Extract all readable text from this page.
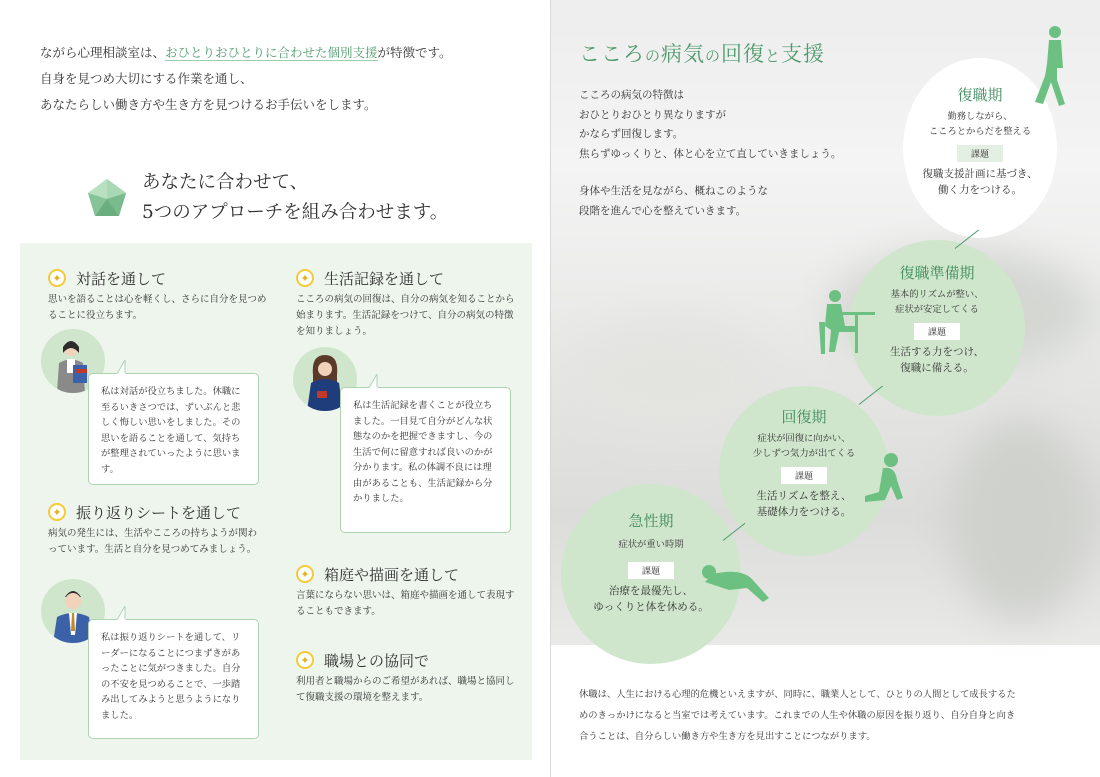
ながら心理相談室は、おひとりおひとりに合わせた個別支援が特徴です。
自身を見つめ大切にする作業を通し、
あなたらしい働き方や生き方を見つけるお手伝いをします。
あなたに合わせて、
5つのアプローチを組み合わせます。
✦ 対話を通して
思いを語ることは心を軽くし、さらに自分を見つめることに役立ちます。
私は対話が役立ちました。休職に至るいきさつでは、ずいぶんと悲しく悔しい思いをしました。その思いを語ることを通して、気持ちが整理されていったように思います。
✦ 生活記録を通して
こころの病気の回復は、自分の病気を知ることから始まります。生活記録をつけて、自分の病気の特徴を知りましょう。
私は生活記録を書くことが役立ちました。一目見て自分がどんな状態なのかを把握できますし、今の生活で何に留意すれば良いのかが分かります。私の体調不良には理由があることも、生活記録から分かりました。
✦ 振り返りシートを通して
病気の発生には、生活やこころの持ちようが関わっています。生活と自分を見つめてみましょう。
私は振り返りシートを通して、リーダーになることにつまずきがあったことに気がつきました。自分の不安を見つめることで、一歩踏み出してみようと思うようになりました。
✦ 箱庭や描画を通して
言葉にならない思いは、箱庭や描画を通して表現することもできます。
✦ 職場との協同で
利用者と職場からのご希望があれば、職場と協同して復職支援の環境を整えます。
こころの病気の回復と支援
こころの病気の特徴は
おひとりおひとり異なりますが
かならず回復します。
焦らずゆっくりと、体と心を立て直していきましょう。
身体や生活を見ながら、概ねこのような
段階を進んで心を整えていきます。
復職期
勤務しながら、
こころとからだを整える
課題
復職支援計画に基づき、
働く力をつける。
復職準備期
基本的リズムが整い、
症状が安定してくる
課題
生活する力をつけ、
復職に備える。
回復期
症状が回復に向かい、
少しずつ気力が出てくる
課題
生活リズムを整え、
基礎体力をつける。
急性期
症状が重い時期
課題
治療を最優先し、
ゆっくりと体を休める。
休職は、人生における心理的危機といえますが、同時に、職業人として、ひとりの人間として成長するた
めのきっかけになると当室では考えています。これまでの人生や休職の原因を振り返り、自分自身と向き
合うことは、自分らしい働き方や生き方を見出すことにつながります。
